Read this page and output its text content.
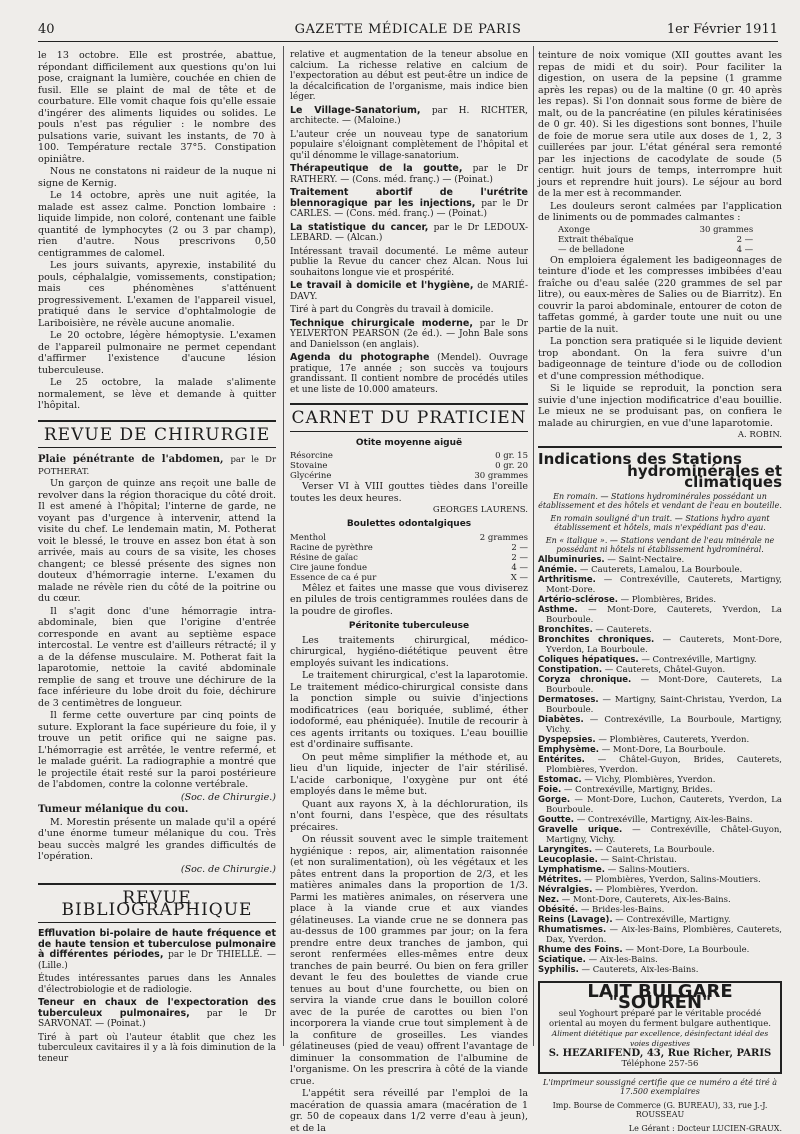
40	GAZETTE MÉDICALE DE PARIS	1er Février 1911

le 13 octobre. Elle est prostrée, abattue, répondant difficilement aux questions qu'on lui pose, craignant la lumière, couchée en chien de fusil. Elle se plaint de mal de tête et de courbature. Elle vomit chaque fois qu'elle essaie d'ingérer des aliments liquides ou solides. Le pouls n'est pas régulier : le nombre des pulsations varie, suivant les instants, de 70 à 100. Température rectale 37°5. Constipation opiniâtre.

Nous ne constatons ni raideur de la nuque ni signe de Kernig.

Le 14 octobre, après une nuit agitée, la malade est assez calme. Ponction lombaire : liquide limpide, non coloré, contenant une faible quantité de lymphocytes (2 ou 3 par champ), rien d'autre. Nous prescrivons 0,50 centigrammes de calomel.

Les jours suivants, apyrexie, instabilité du pouls, céphalalgie, vomissements, constipation; mais ces phénomènes s'atténuent progressivement. L'examen de l'appareil visuel, pratiqué dans le service d'ophtalmologie de Lariboisière, ne révèle aucune anomalie.

Le 20 octobre, légère hémoptysie. L'examen de l'appareil pulmonaire ne permet cependant d'affirmer l'existence d'aucune lésion tuberculeuse.

Le 25 octobre, la malade s'alimente normalement, se lève et demande à quitter l'hôpital.

REVUE DE CHIRURGIE

Plaie pénétrante de l'abdomen, par le Dr POTHERAT.

Un garçon de quinze ans reçoit une balle de revolver dans la région thoracique du côté droit. Il est amené à l'hôpital; l'interne de garde, ne voyant pas d'urgence à intervenir, attend la visite du chef. Le lendemain matin, M. Potherat voit le blessé, le trouve en assez bon état à son arrivée, mais au cours de sa visite, les choses changent; ce blessé présente des signes non douteux d'hémorragie interne. L'examen du malade ne révèle rien du côté de la poitrine ou du cœur.

Il s'agit donc d'une hémorragie intra-abdominale, bien que l'origine d'entrée corresponde en avant au septième espace intercostal. Le ventre est d'ailleurs rétracté; il y a de la défense musculaire. M. Potherat fait la laparotomie, nettoie la cavité abdominale remplie de sang et trouve une déchirure de la face inférieure du lobe droit du foie, déchirure de 3 centimètres de longueur.

Il ferme cette ouverture par cinq points de suture. Explorant la face supérieure du foie, il y trouve un petit orifice qui ne saigne pas. L'hémorragie est arrêtée, le ventre refermé, et le malade guérit. La radiographie a montré que le projectile était resté sur la paroi postérieure de l'abdomen, contre la colonne vertébrale.

(Soc. de Chirurgie.)

Tumeur mélanique du cou.

M. Morestin présente un malade qu'il a opéré d'une énorme tumeur mélanique du cou. Très beau succès malgré les grandes difficultés de l'opération.

(Soc. de Chirurgie.)

REVUE BIBLIOGRAPHIQUE

Effluvation bi-polaire de haute fréquence et de haute tension et tuberculose pulmonaire à différentes périodes, par le Dr THIELLÉ. — (Lille.)

Études intéressantes parues dans les Annales d'électrobiologie et de radiologie.

Teneur en chaux de l'expectoration des tuberculeux pulmonaires, par le Dr SARVONAT. — (Poinat.)

Tiré à part où l'auteur établit que chez les tuberculeux cavitaires il y a là fois diminution de la teneur

relative et augmentation de la teneur absolue en calcium. La richesse relative en calcium de l'expectoration au début est peut-être un indice de la décalcification de l'organisme, mais indice bien léger.

Le Village-Sanatorium, par H. RICHTER, architecte. — (Maloine.)

L'auteur crée un nouveau type de sanatorium populaire s'éloignant complètement de l'hôpital et qu'il dénomme le village-sanatorium.

Thérapeutique de la goutte, par le Dr RATHERY. — (Cons. méd. franç.) — (Poinat.)

Traitement abortif de l'urétrite blennoragique par les injections, par le Dr CARLES. — (Cons. méd. franç.) — (Poinat.)

La statistique du cancer, par le Dr LEDOUX-LEBARD. — (Alcan.)

Intéressant travail documenté. Le même auteur publie la Revue du cancer chez Alcan. Nous lui souhaitons longue vie et prospérité.

Le travail à domicile et l'hygiène, de MARIÉ-DAVY.

Tiré à part du Congrès du travail à domicile.

Technique chirurgicale moderne, par le Dr YELVERTON PEARSON (2e éd.). — John Bale sons and Danielsson (en anglais).

Agenda du photographe (Mendel). Ouvrage pratique, 17e année ; son succès va toujours grandissant. Il contient nombre de procédés utiles et une liste de 10.000 amateurs.

CARNET DU PRATICIEN
Otite moyenne aiguë
Résorcine	0 gr. 15
Stovaine	0 gr. 20
Glycérine	30 grammes

Verser VI à VIII gouttes tièdes dans l'oreille toutes les deux heures.

GEORGES LAURENS.

Boulettes odontalgiques
Menthol	2 grammes
Racine de pyrèthre	2 —
Résine de gaïac	2 —
Cire jaune fondue	4 —
Essence de ca é pur	X —

Mêlez et faites une masse que vous diviserez en pilules de trois centigrammes roulées dans de la poudre de girofles.

Péritonite tuberculeuse

Les traitements chirurgical, médico-chirurgical, hygiéno-diététique peuvent être employés suivant les indications.

Le traitement chirurgical, c'est la laparotomie. Le traitement médico-chirurgical consiste dans la ponction simple ou suivie d'injections modificatrices (eau boriquée, sublimé, éther iodoformé, eau phéniquée). Inutile de recourir à ces agents irritants ou toxiques. L'eau bouillie est d'ordinaire suffisante.

On peut même simplifier la méthode et, au lieu d'un liquide, injecter de l'air stérilisé. L'acide carbonique, l'oxygène pur ont été employés dans le même but.

Quant aux rayons X, à la déchloruration, ils n'ont fourni, dans l'espèce, que des résultats précaires.

On réussit souvent avec le simple traitement hygiénique : repos, air, alimentation raisonnée (et non suralimentation), où les végétaux et les pâtes entrent dans la proportion de 2/3, et les matières animales dans la proportion de 1/3. Parmi les matières animales, on réservera une place à la viande crue et aux viandes gélatineuses. La viande crue ne se donnera pas au-dessus de 100 grammes par jour; on la fera prendre entre deux tranches de jambon, qui seront renfermées elles-mêmes entre deux tranches de pain beurré. Ou bien on fera griller devant le feu des boulettes de viande crue tenues au bout d'une fourchette, ou bien on servira la viande crue dans le bouillon coloré avec de la purée de carottes ou bien l'on incorporera la viande crue tout simplement à de la confiture de groseilles. Les viandes gélatineuses (pied de veau) offrent l'avantage de diminuer la consommation de l'albumine de l'organisme. On les prescrira à côté de la viande crue.

L'appétit sera réveillé par l'emploi de la macération de quassia amara (macération de 1 gr. 50 de copeaux dans 1/2 verre d'eau à jeun), et de la

teinture de noix vomique (XII gouttes avant les repas de midi et du soir). Pour faciliter la digestion, on usera de la pepsine (1 gramme après les repas) ou de la maltine (0 gr. 40 après les repas). Si l'on donnait sous forme de bière de malt, ou de la pancréatine (en pilules kératinisées de 0 gr. 40). Si les digestions sont bonnes, l'huile de foie de morue sera utile aux doses de 1, 2, 3 cuillerées par jour. L'état général sera remonté par les injections de cacodylate de soude (5 centigr. huit jours de temps, interrompre huit jours et reprendre huit jours). Le séjour au bord de la mer est à recommander.

Les douleurs seront calmées par l'application de liniments ou de pommades calmantes :

Axonge	30 grammes
Extrait thébaïque	2 —
— de belladone	4 —

On emploiera également les badigeonnages de teinture d'iode et les compresses imbibées d'eau fraîche ou d'eau salée (220 grammes de sel par litre), ou eaux-mères de Salies ou de Biarritz). En couvrir la paroi abdominale, entourer de coton de taffetas gommé, à garder toute une nuit ou une partie de la nuit.

La ponction sera pratiquée si le liquide devient trop abondant. On la fera suivre d'un badigeonnage de teinture d'iode ou de collodion et d'une compression méthodique.

Si le liquide se reproduit, la ponction sera suivie d'une injection modificatrice d'eau bouillie. Le mieux ne se produisant pas, on confiera le malade au chirurgien, en vue d'une laparotomie.

A. ROBIN.

Indications des Stations
hydrominérales et climatiques
En romain. — Stations hydrominérales possédant un établissement et des hôtels et vendant de l'eau en bouteille.
En romain souligné d'un trait. — Stations hydro ayant établissement et hôtels, mais n'expédiant pas d'eau.
En « italique ». — Stations vendant de l'eau minérale ne possédant ni hôtels ni établissement hydrominéral.

Albuminuries. — Saint-Nectaire.

Anémie. — Cauterets, Lamalou, La Bourboule.

Arthritisme. — Contrexéville, Cauterets, Martigny, Mont-Dore.

Artério-sclérose. — Plombières, Brides.

Asthme. — Mont-Dore, Cauterets, Yverdon, La Bourboule.

Bronchites. — Cauterets.

Bronchites chroniques. — Cauterets, Mont-Dore, Yverdon, La Bourboule.

Coliques hépatiques. — Contrexéville, Martigny.

Constipation. — Cauterets, Châtel-Guyon.

Coryza chronique. — Mont-Dore, Cauterets, La Bourboule.

Dermatoses. — Martigny, Saint-Christau, Yverdon, La Bourboule.

Diabètes. — Contrexéville, La Bourboule, Martigny, Vichy.

Dyspepsies. — Plombières, Cauterets, Yverdon.

Emphysème. — Mont-Dore, La Bourboule.

Entérites. — Châtel-Guyon, Brides, Cauterets, Plombières, Yverdon.

Estomac. — Vichy, Plombières, Yverdon.

Foie. — Contrexéville, Martigny, Brides.

Gorge. — Mont-Dore, Luchon, Cauterets, Yverdon, La Bourboule.

Goutte. — Contrexéville, Martigny, Aix-les-Bains.

Gravelle urique. — Contrexéville, Châtel-Guyon, Martigny, Vichy.

Laryngites. — Cauterets, La Bourboule.

Leucoplasie. — Saint-Christau.

Lymphatisme. — Salins-Moutiers.

Métrites. — Plombières, Yverdon, Salins-Moutiers.

Névralgies. — Plombières, Yverdon.

Nez. — Mont-Dore, Cauterets, Aix-les-Bains.

Obésité. — Brides-les-Bains.

Reins (Lavage). — Contrexéville, Martigny.

Rhumatismes. — Aix-les-Bains, Plombières, Cauterets, Dax, Yverdon.

Rhume des Foins. — Mont-Dore, La Bourboule.

Sciatique. — Aix-les-Bains.

Syphilis. — Cauterets, Aix-les-Bains.

LAIT BULGARE "SOUREN"
seul Yoghourt préparé par le véritable procédé oriental au moyen du ferment bulgare authentique.
Aliment diététique par excellence, désinfectant idéal des voies digestives
S. HEZARIFEND, 43, Rue Richer, PARIS
Téléphone 257-56
L'imprimeur soussigné certifie que ce numéro a été tiré à 17.500 exemplaires
Imp. Bourse de Commerce (G. BUREAU), 33, rue J.-J. ROUSSEAU
Le Gérant : Docteur LUCIEN-GRAUX.
